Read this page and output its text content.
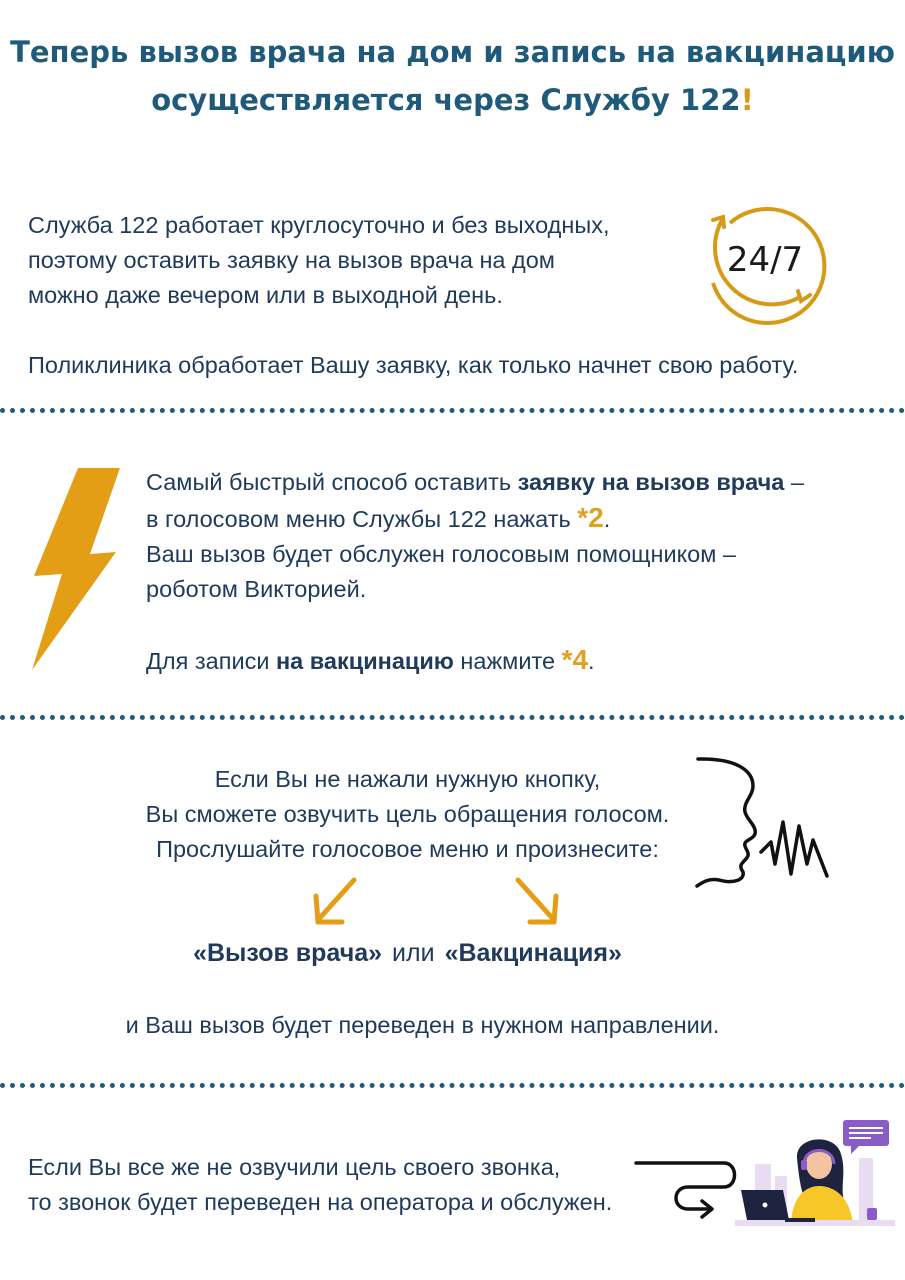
Теперь вызов врача на дом и запись на вакцинацию
осуществляется через Службу 122!
Служба 122 работает круглосуточно и без выходных,
поэтому оставить заявку на вызов врача на дом
можно даже вечером или в выходной день.
Поликлиника обработает Вашу заявку, как только начнет свою работу.
24/7
Самый быстрый способ оставить заявку на вызов врача –
в голосовом меню Службы 122 нажать *2.
Ваш вызов будет обслужен голосовым помощником –
роботом Викторией.
Для записи на вакцинацию нажмите *4.
Если Вы не нажали нужную кнопку,
Вы сможете озвучить цель обращения голосом.
Прослушайте голосовое меню и произнесите:
«Вызов врача» или «Вакцинация»
и Ваш вызов будет переведен в нужном направлении.
Если Вы все же не озвучили цель своего звонка,
то звонок будет переведен на оператора и обслужен.
